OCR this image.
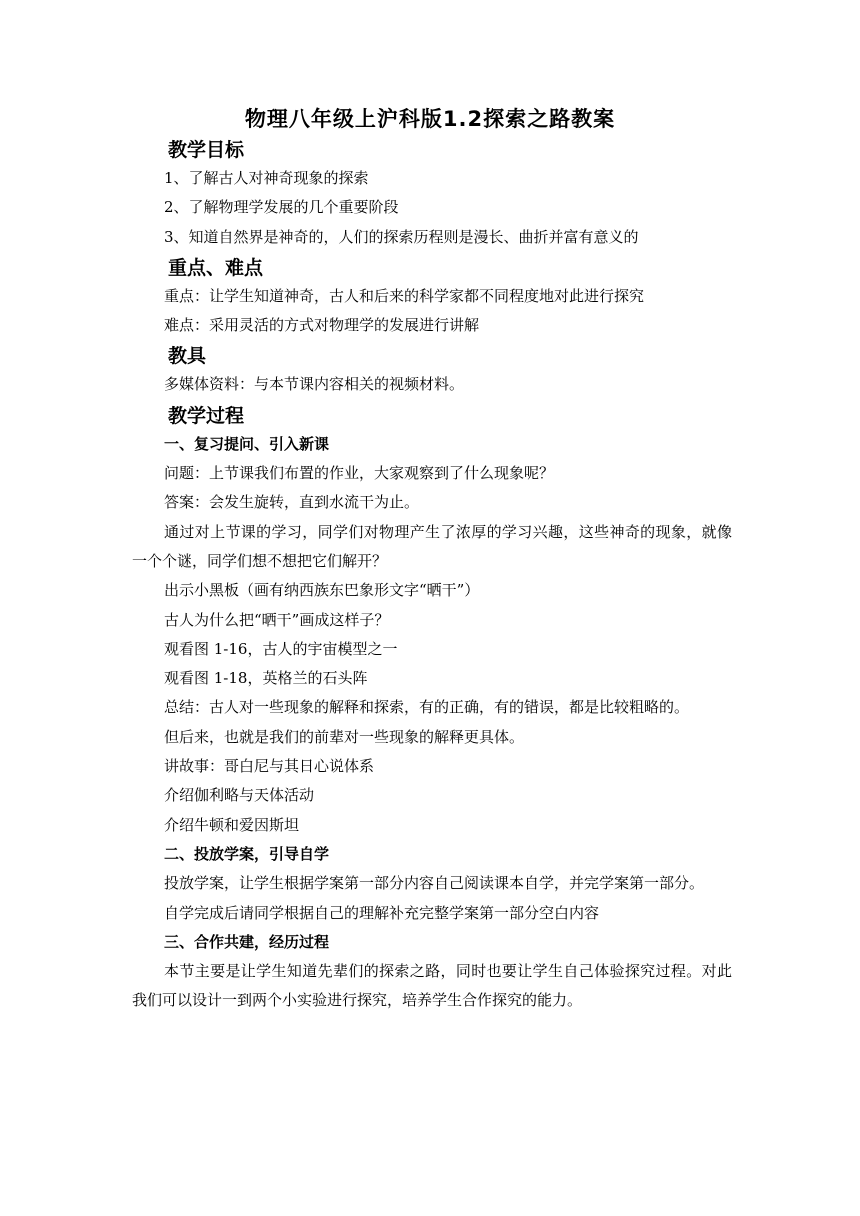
物理八年级上沪科版1.2探索之路教案
教学目标
1、了解古人对神奇现象的探索
2、了解物理学发展的几个重要阶段
3、知道自然界是神奇的，人们的探索历程则是漫长、曲折并富有意义的
重点、难点
重点：让学生知道神奇，古人和后来的科学家都不同程度地对此进行探究
难点：采用灵活的方式对物理学的发展进行讲解
教具
多媒体资料：与本节课内容相关的视频材料。
教学过程
一、复习提问、引入新课
问题：上节课我们布置的作业，大家观察到了什么现象呢？
答案：会发生旋转，直到水流干为止。
通过对上节课的学习，同学们对物理产生了浓厚的学习兴趣，这些神奇的现象，就像一个个谜，同学们想不想把它们解开？
出示小黑板（画有纳西族东巴象形文字“晒干”）
古人为什么把“晒干”画成这样子？
观看图 1-16，古人的宇宙模型之一
观看图 1-18，英格兰的石头阵
总结：古人对一些现象的解释和探索，有的正确，有的错误，都是比较粗略的。
但后来，也就是我们的前辈对一些现象的解释更具体。
讲故事：哥白尼与其日心说体系
介绍伽利略与天体活动
介绍牛顿和爱因斯坦
二、投放学案，引导自学
投放学案，让学生根据学案第一部分内容自己阅读课本自学，并完学案第一部分。
自学完成后请同学根据自己的理解补充完整学案第一部分空白内容
三、合作共建，经历过程
本节主要是让学生知道先辈们的探索之路，同时也要让学生自己体验探究过程。对此我们可以设计一到两个小实验进行探究，培养学生合作探究的能力。
